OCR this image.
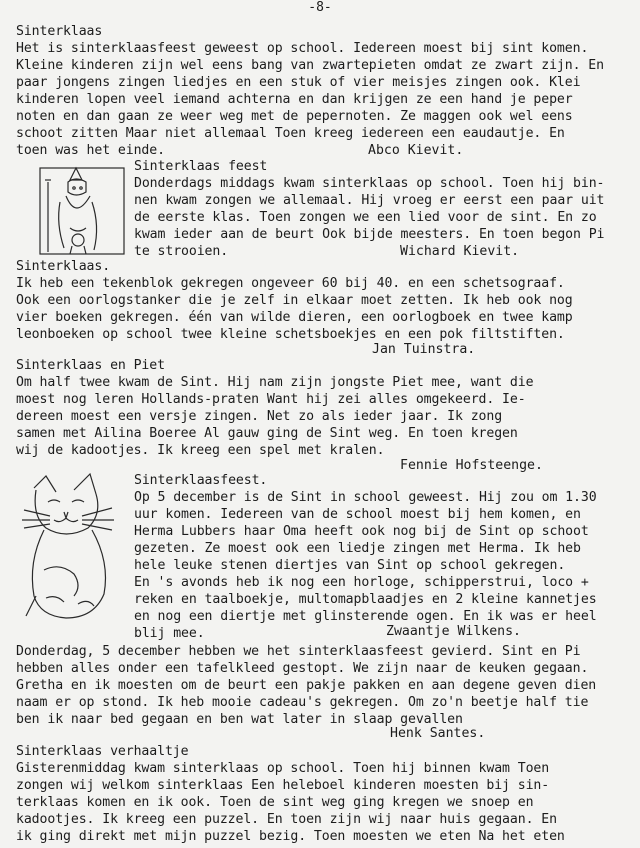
-8-
Sinterklaas
Het is sinterklaasfeest geweest op school. Iedereen moest bij sint komen.
Kleine kinderen zijn wel eens bang van zwartepieten omdat ze zwart zijn. En
paar jongens zingen liedjes en een stuk of vier meisjes zingen ook. Klei
kinderen lopen veel iemand achterna en dan krijgen ze een hand je peper
noten en dan gaan ze weer weg met de pepernoten. Ze maggen ook wel eens
schoot zitten Maar niet allemaal Toen kreeg iedereen een eaudautje. En
toen was het einde.	Abco Kievit.
Sinterklaas feest
Donderdags middags kwam sinterklaas op school. Toen hij bin-
nen kwam zongen we allemaal. Hij vroeg er eerst een paar uit
de eerste klas. Toen zongen we een lied voor de sint. En zo
kwam ieder aan de beurt Ook bijde meesters. En toen begon Pi
te strooien.	Wichard Kievit.
Sinterklaas.
Ik heb een tekenblok gekregen ongeveer 60 bij 40. en een schetsograaf.
Ook een oorlogstanker die je zelf in elkaar moet zetten. Ik heb ook nog
vier boeken gekregen. één van wilde dieren, een oorlogboek en twee kamp
leonboeken op school twee kleine schetsboekjes en een pok filtstiften.
Jan Tuinstra.
Sinterklaas en Piet
Om half twee kwam de Sint. Hij nam zijn jongste Piet mee, want die
moest nog leren Hollands-praten Want hij zei alles omgekeerd. Ie-
dereen moest een versje zingen. Net zo als ieder jaar. Ik zong
samen met Ailina Boeree Al gauw ging de Sint weg. En toen kregen
wij de kadootjes. Ik kreeg een spel met kralen.
Fennie Hofsteenge.
Sinterklaasfeest.
Op 5 december is de Sint in school geweest. Hij zou om 1.30
uur komen. Iedereen van de school moest bij hem komen, en
Herma Lubbers haar Oma heeft ook nog bij de Sint op schoot
gezeten. Ze moest ook een liedje zingen met Herma. Ik heb
hele leuke stenen diertjes van Sint op school gekregen.
En 's avonds heb ik nog een horloge, schipperstrui, loco +
reken en taalboekje, multomapblaadjes en 2 kleine kannetjes
en nog een diertje met glinsterende ogen. En ik was er heel
blij mee.	Zwaantje Wilkens.
Donderdag, 5 december hebben we het sinterklaasfeest gevierd. Sint en Pi
hebben alles onder een tafelkleed gestopt. We zijn naar de keuken gegaan.
Gretha en ik moesten om de beurt een pakje pakken en aan degene geven dien
naam er op stond. Ik heb mooie cadeau's gekregen. Om zo'n beetje half tie
ben ik naar bed gegaan en ben wat later in slaap gevallen
Henk Santes.
Sinterklaas verhaaltje
Gisterenmiddag kwam sinterklaas op school. Toen hij binnen kwam Toen
zongen wij welkom sinterklaas Een heleboel kinderen moesten bij sin-
terklaas komen en ik ook. Toen de sint weg ging kregen we snoep en
kadootjes. Ik kreeg een puzzel. En toen zijn wij naar huis gegaan. En
ik ging direkt met mijn puzzel bezig. Toen moesten we eten Na het eten
